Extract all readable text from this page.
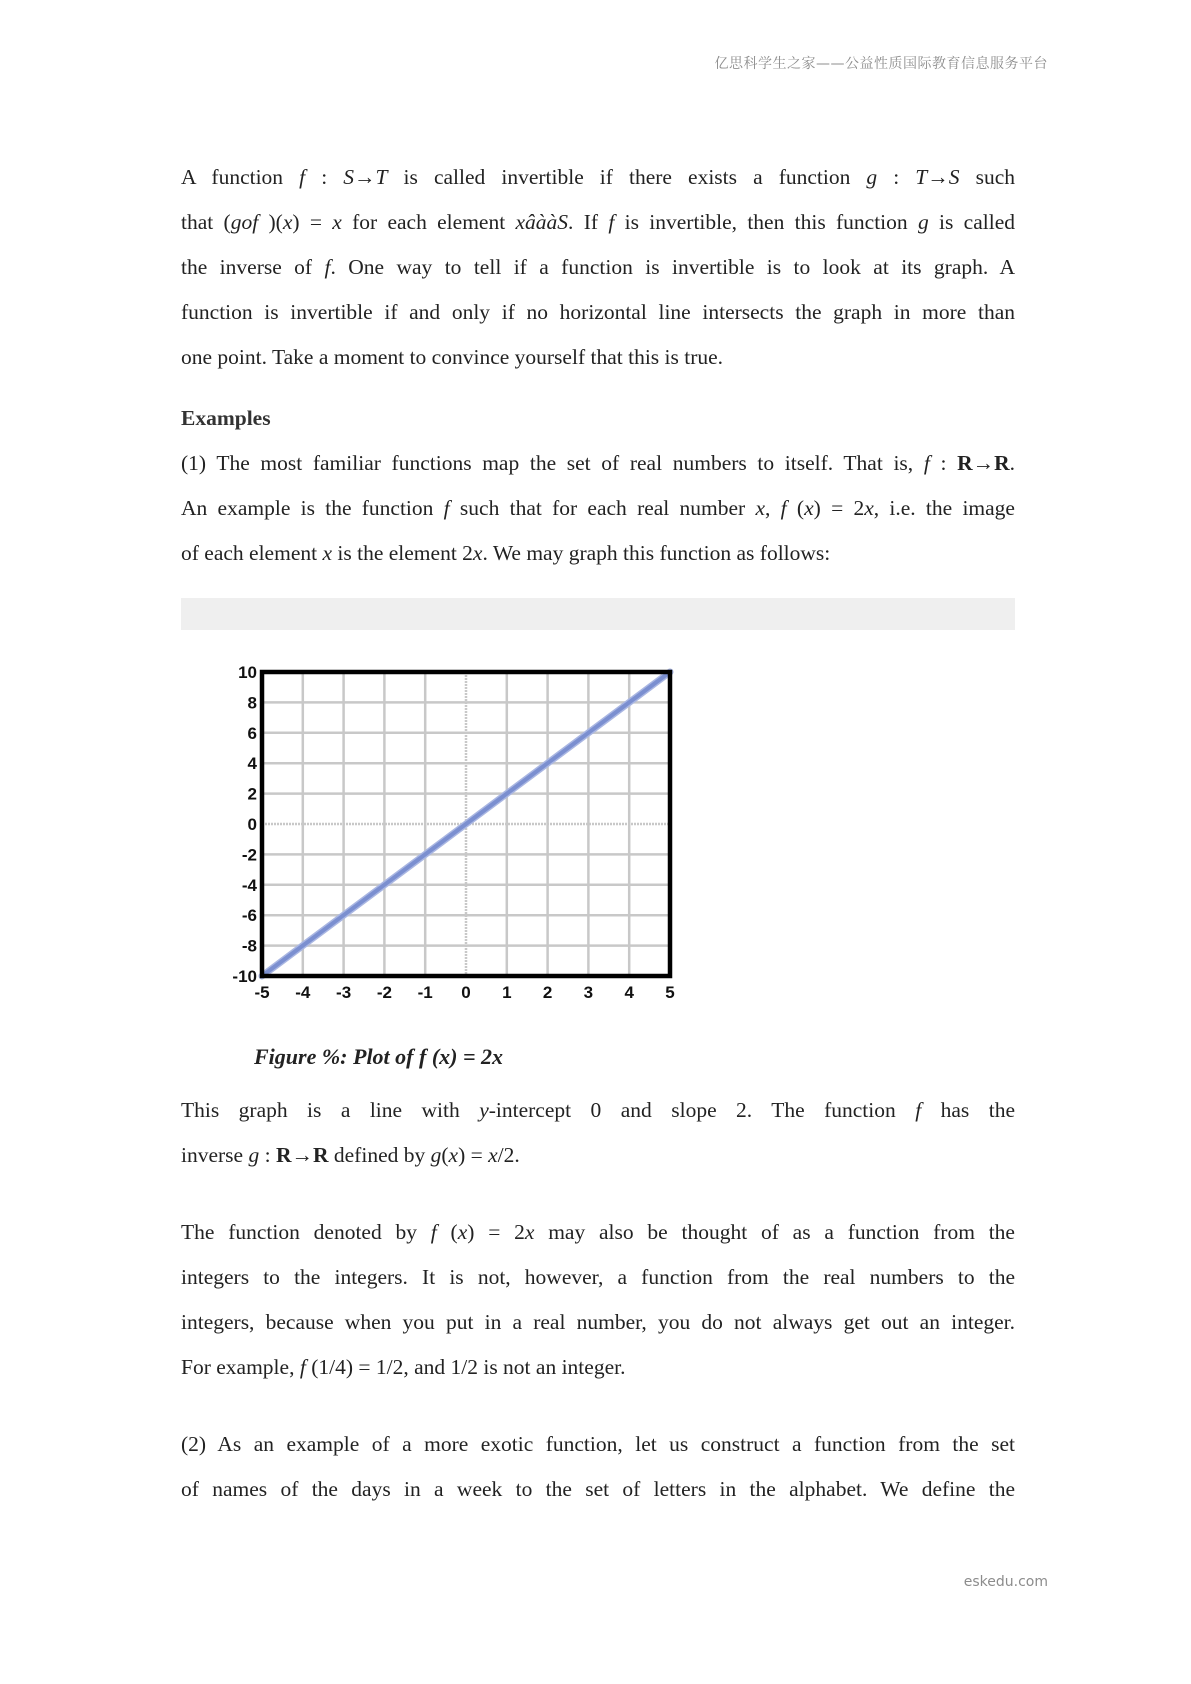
亿思科学生之家——公益性质国际教育信息服务平台

A function f : S→T is called invertible if there exists a function g : T→S such

that (gof )(x) = x for each element xâààS. If f is invertible, then this function g is called

the inverse of f. One way to tell if a function is invertible is to look at its graph. A

function is invertible if and only if no horizontal line intersects the graph in more than

one point. Take a moment to convince yourself that this is true.

Examples

(1) The most familiar functions map the set of real numbers to itself. That is, f : R→R.

An example is the function f such that for each real number x, f (x) = 2x, i.e. the image

of each element x is the element 2x. We may graph this function as follows:

10
8
6
4
2
0
-2
-4
-6
-8
-10
-5 -4 -3 -2 -1 0 1 2 3 4 5
Figure %: Plot of f (x) = 2x

This graph is a line with y-intercept 0 and slope 2. The function f has the

inverse g : R→R defined by g(x) = x/2.

The function denoted by f (x) = 2x may also be thought of as a function from the

integers to the integers. It is not, however, a function from the real numbers to the

integers, because when you put in a real number, you do not always get out an integer.

For example, f (1/4) = 1/2, and 1/2 is not an integer.

(2) As an example of a more exotic function, let us construct a function from the set

of names of the days in a week to the set of letters in the alphabet. We define the

eskedu.com
